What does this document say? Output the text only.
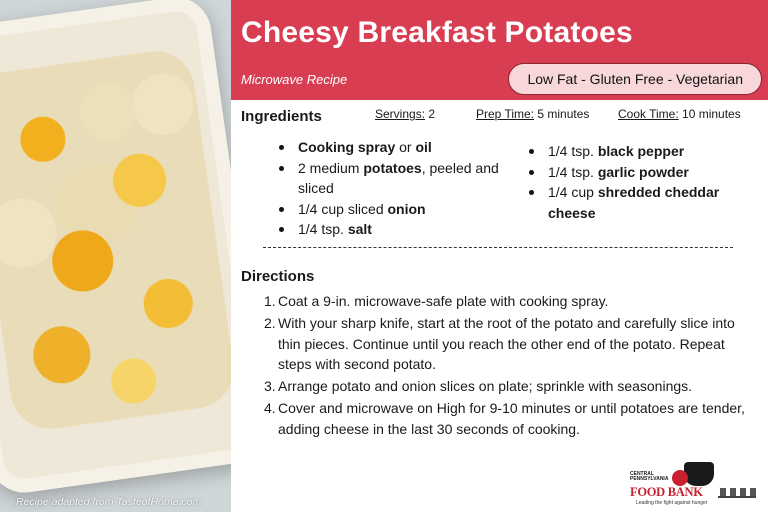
Recipe adapted from TasteofHome.com
Cheesy Breakfast Potatoes
Microwave Recipe	Low Fat - Gluten Free - Vegetarian
Ingredients	Servings: 2	Prep Time: 5 minutes Cook Time: 10 minutes
Cooking spray or oil
2 medium potatoes, peeled and sliced
1/4 cup sliced onion
1/4 tsp. salt
1/4 tsp. black pepper
1/4 tsp. garlic powder
1/4 cup shredded cheddar cheese
Directions
1. Coat a 9-in. microwave-safe plate with cooking spray.
2. With your sharp knife, start at the root of the potato and carefully slice into thin pieces. Continue until you reach the other end of the potato. Repeat steps with second potato.
3. Arrange potato and onion slices on plate; sprinkle with seasonings.
4. Cover and microwave on High for 9-10 minutes or until potatoes are tender, adding cheese in the last 30 seconds of cooking.
CENTRAL PENNSYLVANIA
FOOD BANK
Leading the fight against hunger
